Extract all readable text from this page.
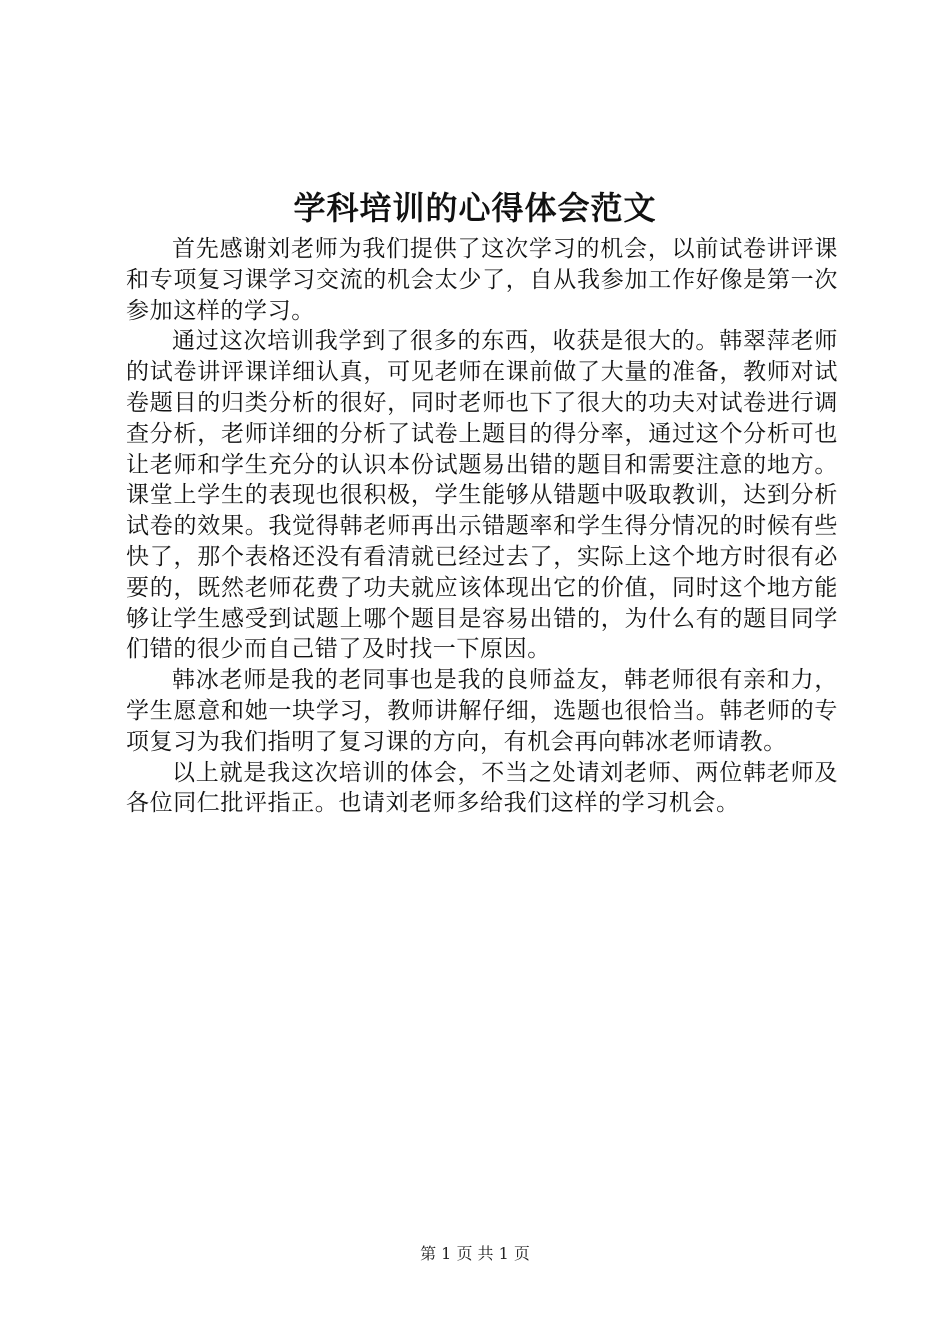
学科培训的心得体会范文

首先感谢刘老师为我们提供了这次学习的机会，以前试卷讲评课和专项复习课学习交流的机会太少了，自从我参加工作好像是第一次参加这样的学习。

通过这次培训我学到了很多的东西，收获是很大的。韩翠萍老师的试卷讲评课详细认真，可见老师在课前做了大量的准备，教师对试卷题目的归类分析的很好，同时老师也下了很大的功夫对试卷进行调查分析，老师详细的分析了试卷上题目的得分率，通过这个分析可也让老师和学生充分的认识本份试题易出错的题目和需要注意的地方。课堂上学生的表现也很积极，学生能够从错题中吸取教训，达到分析试卷的效果。我觉得韩老师再出示错题率和学生得分情况的时候有些快了，那个表格还没有看清就已经过去了，实际上这个地方时很有必要的，既然老师花费了功夫就应该体现出它的价值，同时这个地方能够让学生感受到试题上哪个题目是容易出错的，为什么有的题目同学们错的很少而自己错了及时找一下原因。

韩冰老师是我的老同事也是我的良师益友，韩老师很有亲和力，学生愿意和她一块学习，教师讲解仔细，选题也很恰当。韩老师的专项复习为我们指明了复习课的方向，有机会再向韩冰老师请教。

以上就是我这次培训的体会，不当之处请刘老师、两位韩老师及各位同仁批评指正。也请刘老师多给我们这样的学习机会。

第 1 页 共 1 页
